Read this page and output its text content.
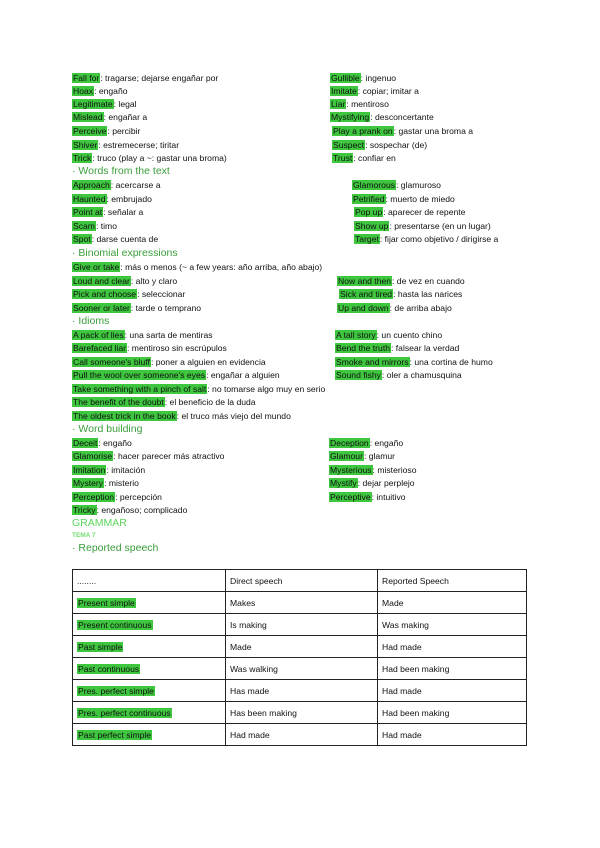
Fall for: tragarse; dejarse engañar por
Hoax: engaño
Legitimate: legal
Mislead: engañar a
Perceive: percibir
Shiver: estremecerse; tiritar
Trick: truco (play a ~: gastar una broma)
Gullible: ingenuo
Imitate: copiar; imitar a
Liar: mentiroso
Mystifying: desconcertante
Play a prank on: gastar una broma a
Suspect: sospechar (de)
Trust: confiar en
· Words from the text
Approach: acercarse a
Haunted: embrujado
Point at: señalar a
Scam: timo
Spot: darse cuenta de
Glamorous: glamuroso
Petrified: muerto de miedo
Pop up: aparecer de repente
Show up: presentarse (en un lugar)
Target: fijar como objetivo / dirigirse a
· Binomial expressions
Give or take: más o menos (~ a few years: año arriba, año abajo)
Loud and clear: alto y claro
Pick and choose: seleccionar
Sooner or later: tarde o temprano
Now and then: de vez en cuando
Sick and tired: hasta las narices
Up and down: de arriba abajo
· Idioms
A pack of lies: una sarta de mentiras
Barefaced liar: mentiroso sin escrúpulos
Call someone's bluff: poner a alguien en evidencia
Pull the wool over someone's eyes: engañar a alguien
A tall story: un cuento chino
Bend the truth: falsear la verdad
Smoke and mirrors: una cortina de humo
Sound fishy: oler a chamusquina
Take something with a pinch of salt: no tomarse algo muy en serio
The benefit of the doubt: el beneficio de la duda
The oldest trick in the book: el truco más viejo del mundo
· Word building
Deceit: engaño
Glamorise: hacer parecer más atractivo
Imitation: imitación
Mystery: misterio
Perception: percepción
Tricky: engañoso; complicado
Deception: engaño
Glamour: glamur
Mysterious: misterioso
Mystify: dejar perplejo
Perceptive: intuitivo
GRAMMAR
TEMA 7
· Reported speech
........	Direct speech	Reported Speech
Present simple	Makes	Made
Present continuous	Is making	Was making
Past simple	Made	Had made
Past continuous	Was walking	Had been making
Pres. perfect simple	Has made	Had made
Pres. perfect continuous	Has been making	Had been making
Past perfect simple	Had made	Had made
